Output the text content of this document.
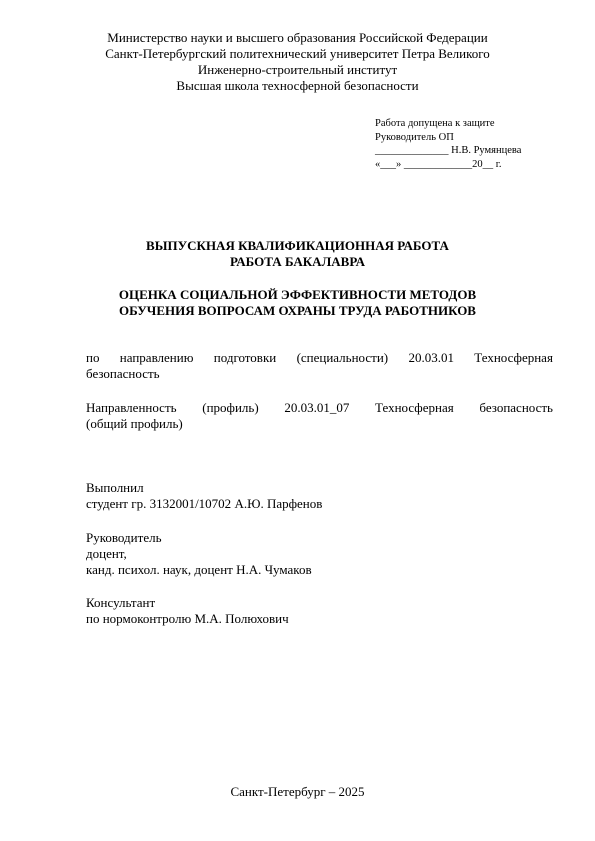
Министерство науки и высшего образования Российской Федерации
Санкт-Петербургский политехнический университет Петра Великого
Инженерно-строительный институт
Высшая школа техносферной безопасности
Работа допущена к защите
Руководитель ОП
______________ Н.В. Румянцева
«___» _____________20__ г.
ВЫПУСКНАЯ КВАЛИФИКАЦИОННАЯ РАБОТА
РАБОТА БАКАЛАВРА
ОЦЕНКА СОЦИАЛЬНОЙ ЭФФЕКТИВНОСТИ МЕТОДОВ
ОБУЧЕНИЯ ВОПРОСАМ ОХРАНЫ ТРУДА РАБОТНИКОВ
по направлению подготовки (специальности) 20.03.01 Техносферная
безопасность
Направленность (профиль) 20.03.01_07 Техносферная безопасность
(общий профиль)
Выполнил
студент гр. 3132001/10702 А.Ю. Парфенов
Руководитель
доцент,
канд. психол. наук, доцент Н.А. Чумаков
Консультант
по нормоконтролю М.А. Полюхович
Санкт-Петербург – 2025
